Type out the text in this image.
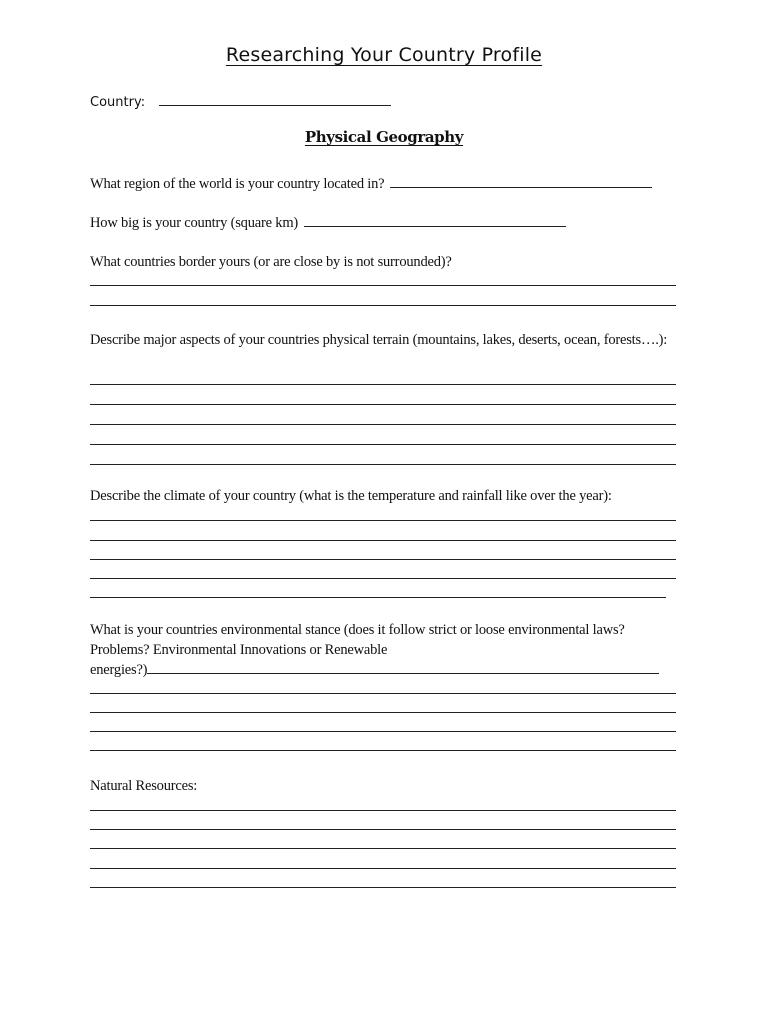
Researching Your Country Profile
Country:
Physical Geography
What region of the world is your country located in?
How big is your country (square km)
What countries border yours (or are close by is not surrounded)?
Describe major aspects of your countries physical terrain (mountains, lakes, deserts, ocean, forests….):
Describe the climate of your country (what is the temperature and rainfall like over the year):
What is your countries environmental stance (does it follow strict or loose environmental laws?
Problems? Environmental Innovations or Renewable
energies?)
Natural Resources:
